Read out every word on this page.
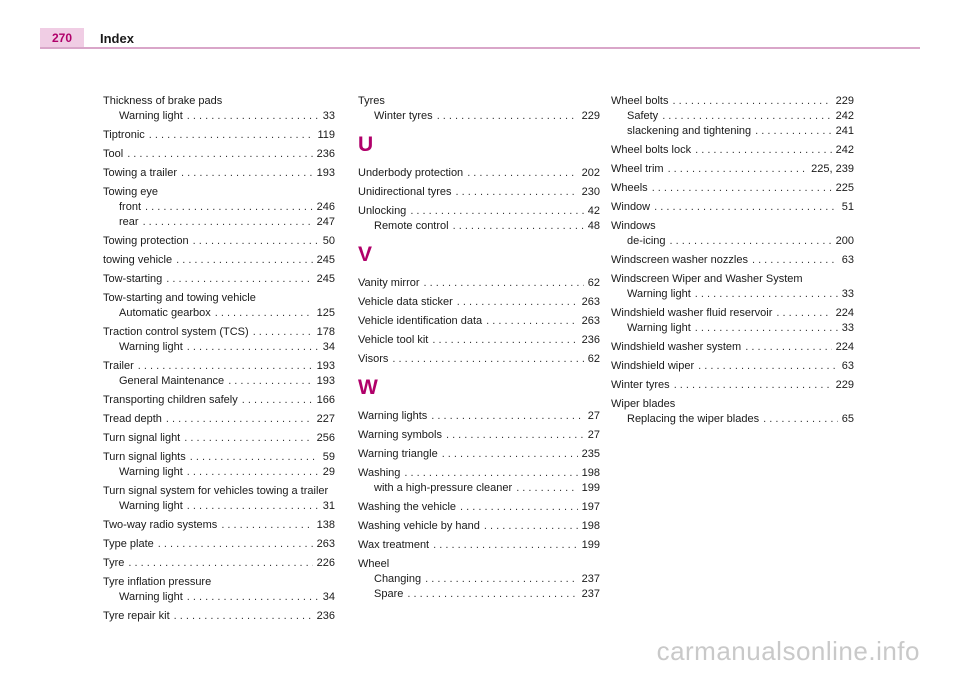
270	Index
Thickness of brake pads
Warning light . . .	33
Tiptronic . . .	119
Tool . . .	236
Towing a trailer . . .	193
Towing eye
front . . .	246
rear . . .	247
Towing protection . . .	50
towing vehicle . . .	245
Tow-starting . . .	245
Tow-starting and towing vehicle
Automatic gearbox . . .	125
Traction control system (TCS) . . .	178
Warning light . . .	34
Trailer . . .	193
General Maintenance . . .	193
Transporting children safely . . .	166
Tread depth . . .	227
Turn signal light . . .	256
Turn signal lights . . .	59
Warning light . . .	29
Turn signal system for vehicles towing a trailer
Warning light . . .	31
Two-way radio systems . . .	138
Type plate . . .	263
Tyre . . .	226
Tyre inflation pressure
Warning light . . .	34
Tyre repair kit . . .	236
Tyres
Winter tyres . . .	229
U
Underbody protection . . .	202
Unidirectional tyres . . .	230
Unlocking . . .	42
Remote control . . .	48
V
Vanity mirror . . .	62
Vehicle data sticker . . .	263
Vehicle identification data . . .	263
Vehicle tool kit . . .	236
Visors . . .	62
W
Warning lights . . .	27
Warning symbols . . .	27
Warning triangle . . .	235
Washing . . .	198
with a high-pressure cleaner . . .	199
Washing the vehicle . . .	197
Washing vehicle by hand . . .	198
Wax treatment . . .	199
Wheel
Changing . . .	237
Spare . . .	237
Wheel bolts . . .	229
Safety . . .	242
slackening and tightening . . .	241
Wheel bolts lock . . .	242
Wheel trim . . .	225, 239
Wheels . . .	225
Window . . .	51
Windows
de-icing . . .	200
Windscreen washer nozzles . . .	63
Windscreen Wiper and Washer System
Warning light . . .	33
Windshield washer fluid reservoir . . .	224
Warning light . . .	33
Windshield washer system . . .	224
Windshield wiper . . .	63
Winter tyres . . .	229
Wiper blades
Replacing the wiper blades . . .	65
carmanualsonline.info
